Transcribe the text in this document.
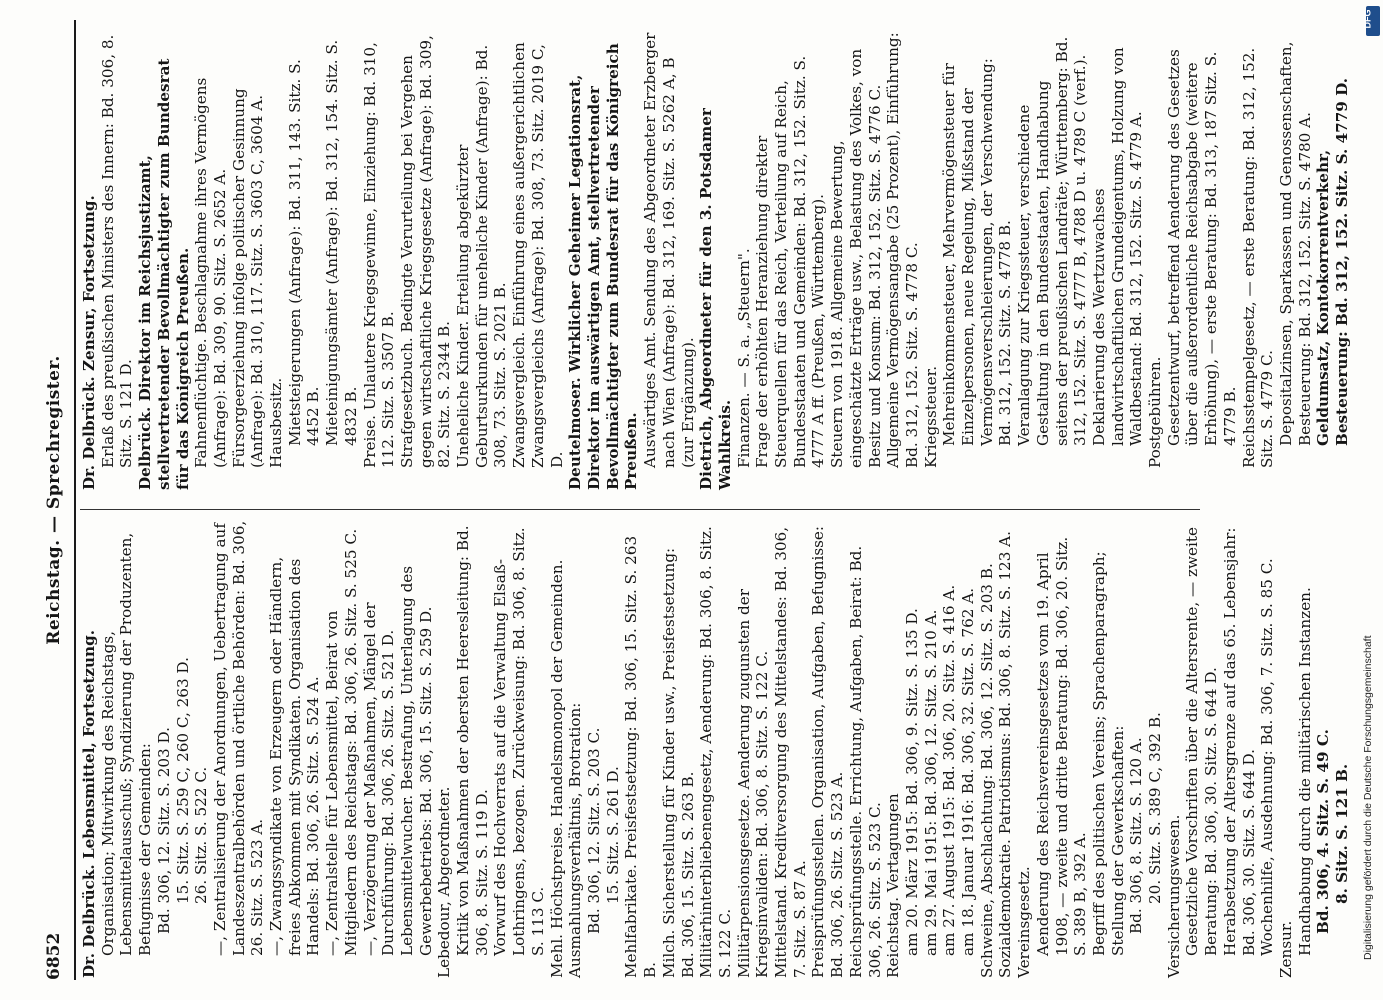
6852
Reichstag. — Sprechregister.

Dr. Delbrück. Lebensmittel, Fortsetzung. Organisation; Mitwirkung des Reichstags, Lebensmittelausschuß; Syndizierung der Produzenten, Befugnisse der Gemeinden: Bd. 306, 12. Sitz. S. 203 D. 15. Sitz. S. 259 C, 260 C, 263 D. 26. Sitz. S. 522 C. —, Zentralisierung der Anordnungen, Uebertragung auf Landeszentralbehörden und örtliche Behörden: Bd. 306, 26. Sitz. S. 523 A. —, Zwangssyndikate von Erzeugern oder Händlern, freies Abkommen mit Syndikaten. Organisation des Handels: Bd. 306, 26. Sitz. S. 524 A. —, Zentralstelle für Lebensmittel, Beirat von Mitgliedern des Reichstags: Bd. 306, 26. Sitz. S. 525 C. —, Verzögerung der Maßnahmen, Mängel der Durchführung: Bd. 306, 26. Sitz. S. 521 D. Lebensmittelwucher. Bestrafung, Unterlagung des Gewerbebetriebs: Bd. 306, 15. Sitz. S. 259 D. Lebedour, Abgeordneter. Kritik von Maßnahmen der obersten Heeresleitung: Bd. 306, 8. Sitz. S. 119 D. Vorwurf des Hochverrats auf die Verwaltung Elsaß-Lothringens, bezogen. Zurückweisung: Bd. 306, 8. Sitz. S. 113 C. Mehl. Höchstpreise. Handelsmonopol der Gemeinden. Ausmahlungsverhältnis, Brotration: Bd. 306, 12. Sitz. S. 203 C. 15. Sitz. S. 261 D. Mehlfabrikate. Preisfestsetzung: Bd. 306, 15. Sitz. S. 263 B. Milch. Sicherstellung für Kinder usw., Preisfestsetzung: Bd. 306, 15. Sitz. S. 263 B. Militärhinterbliebenengesetz, Aenderung: Bd. 306, 8. Sitz. S. 122 C. Militärpensionsgesetze. Aenderung zugunsten der Kriegsinvaliden: Bd. 306, 8. Sitz. S. 122 C. Mittelstand. Kreditversorgung des Mittelstandes: Bd. 306, 7. Sitz. S. 87 A. Preisprüfungsstellen. Organisation, Aufgaben, Befugnisse: Bd. 306, 26. Sitz. S. 523 A. Reichsprüfungsstelle. Errichtung, Aufgaben, Beirat: Bd. 306, 26. Sitz. S. 523 C. Reichstag. Vertagungen am 20. März 1915: Bd. 306, 9. Sitz. S. 135 D. am 29. Mai 1915: Bd. 306, 12. Sitz. S. 210 A. am 27. August 1915: Bd. 306, 20. Sitz. S. 416 A. am 18. Januar 1916: Bd. 306, 32. Sitz. S. 762 A. Schweine, Abschlachtung: Bd. 306, 12. Sitz. S. 203 B. Sozialdemokratie. Patriotismus: Bd. 306, 8. Sitz. S. 123 A. Vereinsgesetz. Aenderung des Reichsvereinsgesetzes vom 19. April 1908, — zweite und dritte Beratung: Bd. 306, 20. Sitz. S. 389 B, 392 A. Begriff des politischen Vereins; Sprachenparagraph; Stellung der Gewerkschaften: Bd. 306, 8. Sitz. S. 120 A. 20. Sitz. S. 389 C, 392 B. Versicherungswesen. Gesetzliche Vorschriften über die Altersrente, — zweite Beratung: Bd. 306, 30. Sitz. S. 644 D. Herabsetzung der Altersgrenze auf das 65. Lebensjahr: Bd. 306, 30. Sitz. S. 644 D. Wochenhilfe, Ausdehnung: Bd. 306, 7. Sitz. S. 85 C. Zensur. Handhabung durch die militärischen Instanzen. Bd. 306, 4. Sitz. S. 49 C. 8. Sitz. S. 121 B.

Dr. Delbrück. Zensur, Fortsetzung. Erlaß des preußischen Ministers des Innern: Bd. 306, 8. Sitz. S. 121 D. Delbrück. Direktor im Reichsjustizamt, stellvertretender Bevollmächtigter zum Bundesrat für das Königreich Preußen. Fahnenflüchtige. Beschlagnahme ihres Vermögens (Anfrage): Bd. 309, 90. Sitz. S. 2652 A. Fürsorgeerziehung infolge politischer Gesinnung (Anfrage): Bd. 310, 117. Sitz. S. 3603 C, 3604 A. Hausbesitz. Mietsteigerungen (Anfrage): Bd. 311, 143. Sitz. S. 4452 B. Mieteinigungsämter (Anfrage): Bd. 312, 154. Sitz. S. 4832 B. Preise. Unlautere Kriegsgewinne, Einziehung: Bd. 310, 112. Sitz. S. 3507 B. Strafgesetzbuch. Bedingte Verurteilung bei Vergehen gegen wirtschaftliche Kriegsgesetze (Anfrage): Bd. 309, 82. Sitz. S. 2344 B. Uneheliche Kinder. Erteilung abgekürzter Geburtsurkunden für uneheliche Kinder (Anfrage): Bd. 308, 73. Sitz. S. 2021 B. Zwangsvergleich. Einführung eines außergerichtlichen Zwangsvergleichs (Anfrage): Bd. 308, 73. Sitz. 2019 C, D. Deutelmoser. Wirklicher Geheimer Legationsrat, Direktor im auswärtigen Amt, stellvertretender Bevollmächtigter zum Bundesrat für das Königreich Preußen. Auswärtiges Amt. Sendung des Abgeordneter Erzberger nach Wien (Anfrage): Bd. 312, 169. Sitz. S. 5262 A, B (zur Ergänzung). Dietrich, Abgeordneter für den 3. Potsdamer Wahlkreis. Finanzen. — S. a. „Steuern". Frage der erhöhten Heranziehung direkter Steuerquellen für das Reich, Verteilung auf Reich, Bundesstaaten und Gemeinden: Bd. 312, 152. Sitz. S. 4777 A ff. (Preußen, Württemberg). Steuern von 1918. Allgemeine Bewertung, eingeschätzte Erträge usw., Belastung des Volkes, von Besitz und Konsum: Bd. 312, 152. Sitz. S. 4776 C. Allgemeine Vermögensangabe (25 Prozent), Einführung: Bd. 312, 152. Sitz. S. 4778 C. Kriegssteuer. Mehreinkommensteuer, Mehrvermögensteuer für Einzelpersonen, neue Regelung, Mißstand der Vermögensverschleierungen, der Verschwendung: Bd. 312, 152. Sitz. S. 4778 B. Veranlagung zur Kriegssteuer, verschiedene Gestaltung in den Bundesstaaten, Handhabung seitens der preußischen Landräte; Württemberg: Bd. 312, 152. Sitz. S. 4777 B, 4788 D u. 4789 C (verf.). Deklarierung des Wertzuwachses landwirtschaftlichen Grundeigentums, Holzung von Waldbestand: Bd. 312, 152. Sitz. S. 4779 A. Postgebühren. Gesetzentwurf, betreffend Aenderung des Gesetzes über die außerordentliche Reichsabgabe (weitere Erhöhung), — erste Beratung: Bd. 313, 187 Sitz. S. 4779 B. Reichsstempelgesetz, — erste Beratung: Bd. 312, 152. Sitz. S. 4779 C. Depositalzinsen, Sparkassen und Genossenschaften, Besteuerung: Bd. 312, 152. Sitz. S. 4780 A. Geldumsatz, Kontokorrentverkehr, Besteuerung: Bd. 312, 152. Sitz. S. 4779 D.

DFG
Digitalisierung gefördert durch die Deutsche Forschungsgemeinschaft
